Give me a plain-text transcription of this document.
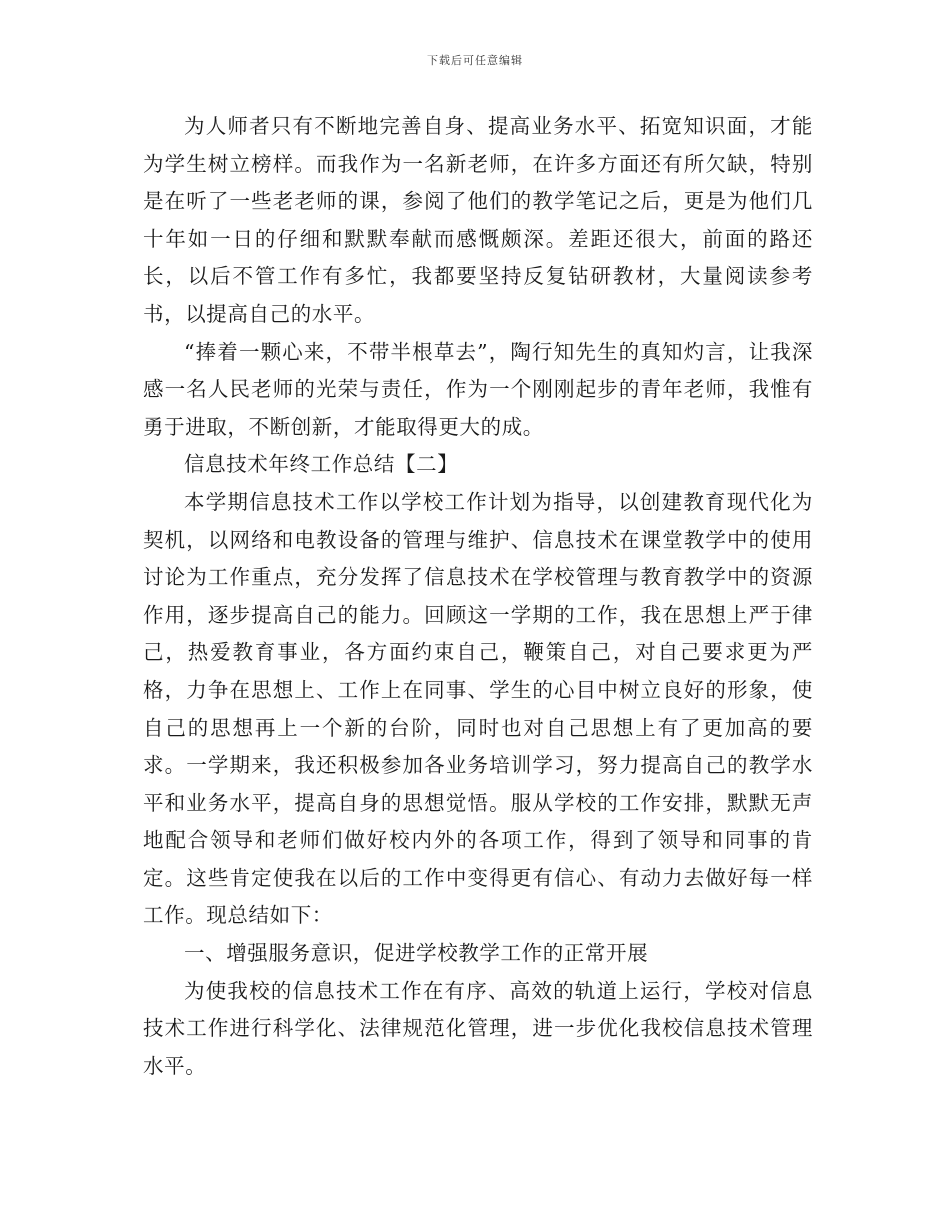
下载后可任意编辑

为人师者只有不断地完善自身、提高业务水平、拓宽知识面，才能为学生树立榜样。而我作为一名新老师，在许多方面还有所欠缺，特别是在听了一些老老师的课，参阅了他们的教学笔记之后，更是为他们几十年如一日的仔细和默默奉献而感慨颇深。差距还很大，前面的路还长，以后不管工作有多忙，我都要坚持反复钻研教材，大量阅读参考书，以提高自己的水平。

“捧着一颗心来，不带半根草去”，陶行知先生的真知灼言，让我深感一名人民老师的光荣与责任，作为一个刚刚起步的青年老师，我惟有勇于进取，不断创新，才能取得更大的成。

信息技术年终工作总结【二】

本学期信息技术工作以学校工作计划为指导，以创建教育现代化为契机，以网络和电教设备的管理与维护、信息技术在课堂教学中的使用讨论为工作重点，充分发挥了信息技术在学校管理与教育教学中的资源作用，逐步提高自己的能力。回顾这一学期的工作，我在思想上严于律己，热爱教育事业，各方面约束自己，鞭策自己，对自己要求更为严格，力争在思想上、工作上在同事、学生的心目中树立良好的形象，使自己的思想再上一个新的台阶，同时也对自己思想上有了更加高的要求。一学期来，我还积极参加各业务培训学习，努力提高自己的教学水平和业务水平，提高自身的思想觉悟。服从学校的工作安排，默默无声地配合领导和老师们做好校内外的各项工作，得到了领导和同事的肯定。这些肯定使我在以后的工作中变得更有信心、有动力去做好每一样工作。现总结如下：

一、增强服务意识，促进学校教学工作的正常开展

为使我校的信息技术工作在有序、高效的轨道上运行，学校对信息技术工作进行科学化、法律规范化管理，进一步优化我校信息技术管理水平。
